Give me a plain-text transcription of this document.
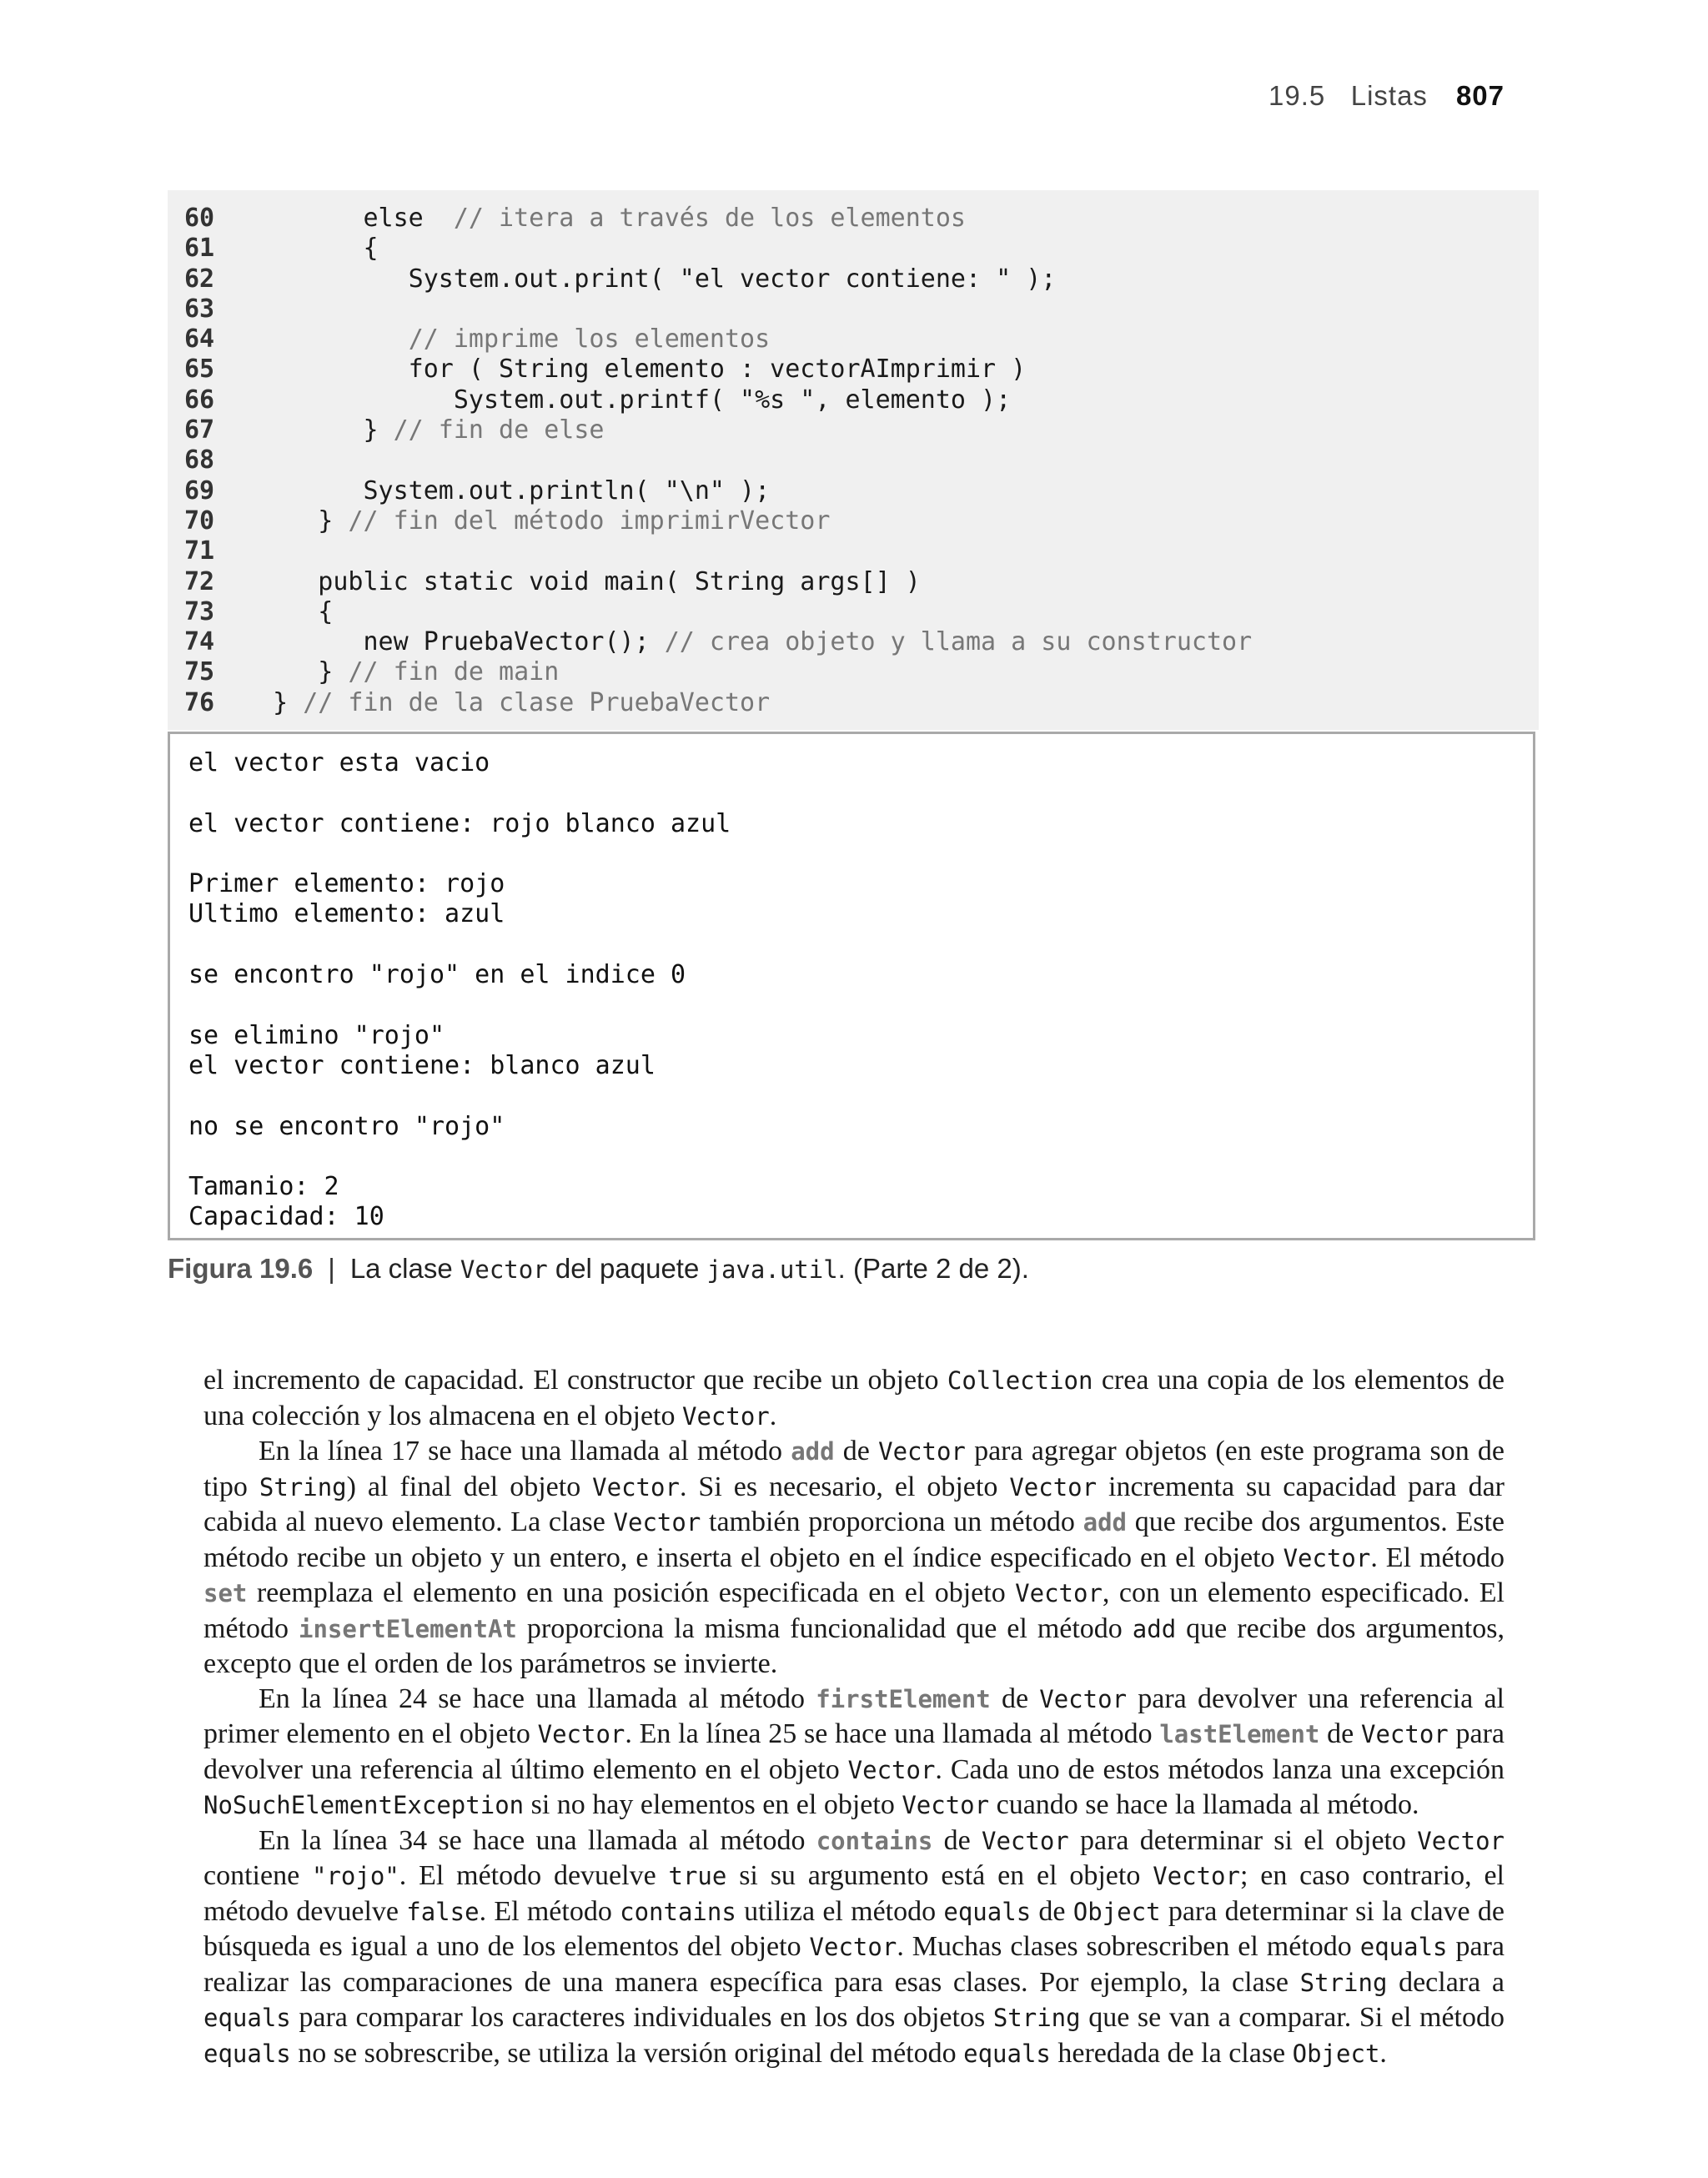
19.5   Listas 807
60	else // itera a través de los elementos
61	{
62	System.out.print( "el vector contiene: " );
63
64
	// imprime los elementos
65	for ( String elemento : vectorAImprimir )
66	System.out.printf( "%s ", elemento );
67	} // fin de else
68
69	System.out.println( "\n" );
70	} // fin del método imprimirVector
71
72	public static void main( String args[] )
73	{
74	new PruebaVector(); // crea objeto y llama a su constructor
75	} // fin de main
76	} // fin de la clase PruebaVector
el vector esta vacio
el vector contiene: rojo blanco azul
Primer elemento: rojo
Ultimo elemento: azul
se encontro "rojo" en el indice 0
se elimino "rojo"
el vector contiene: blanco azul
no se encontro "rojo"
Tamanio: 2
Capacidad: 10
Figura 19.6 | La clase Vector del paquete java.util. (Parte 2 de 2).

el incremento de capacidad. El constructor que recibe un objeto Collection crea una copia de los elementos de una colección y los almacena en el objeto Vector.

En la línea 17 se hace una llamada al método add de Vector para agregar objetos (en este programa son de tipo String) al final del objeto Vector. Si es necesario, el objeto Vector incrementa su capacidad para dar cabida al nuevo elemento. La clase Vector también proporciona un método add que recibe dos argumentos. Este método recibe un objeto y un entero, e inserta el objeto en el índice especificado en el objeto Vector. El método set reemplaza el elemento en una posición especificada en el objeto Vector, con un elemento especificado. El método insertElementAt proporciona la misma funcionalidad que el método add que recibe dos argumentos, excepto que el orden de los parámetros se invierte.

En la línea 24 se hace una llamada al método firstElement de Vector para devolver una referencia al primer elemento en el objeto Vector. En la línea 25 se hace una llamada al método lastElement de Vector para devolver una referencia al último elemento en el objeto Vector. Cada uno de estos métodos lanza una excepción NoSuchElementException si no hay elementos en el objeto Vector cuando se hace la llamada al método.

En la línea 34 se hace una llamada al método contains de Vector para determinar si el objeto Vector contiene "rojo". El método devuelve true si su argumento está en el objeto Vector; en caso contrario, el método devuelve false. El método contains utiliza el método equals de Object para determinar si la clave de búsqueda es igual a uno de los elementos del objeto Vector. Muchas clases sobrescriben el método equals para realizar las comparaciones de una manera específica para esas clases. Por ejemplo, la clase String declara a equals para comparar los caracteres individuales en los dos objetos String que se van a comparar. Si el método equals no se sobrescribe, se utiliza la versión original del método equals heredada de la clase Object.
